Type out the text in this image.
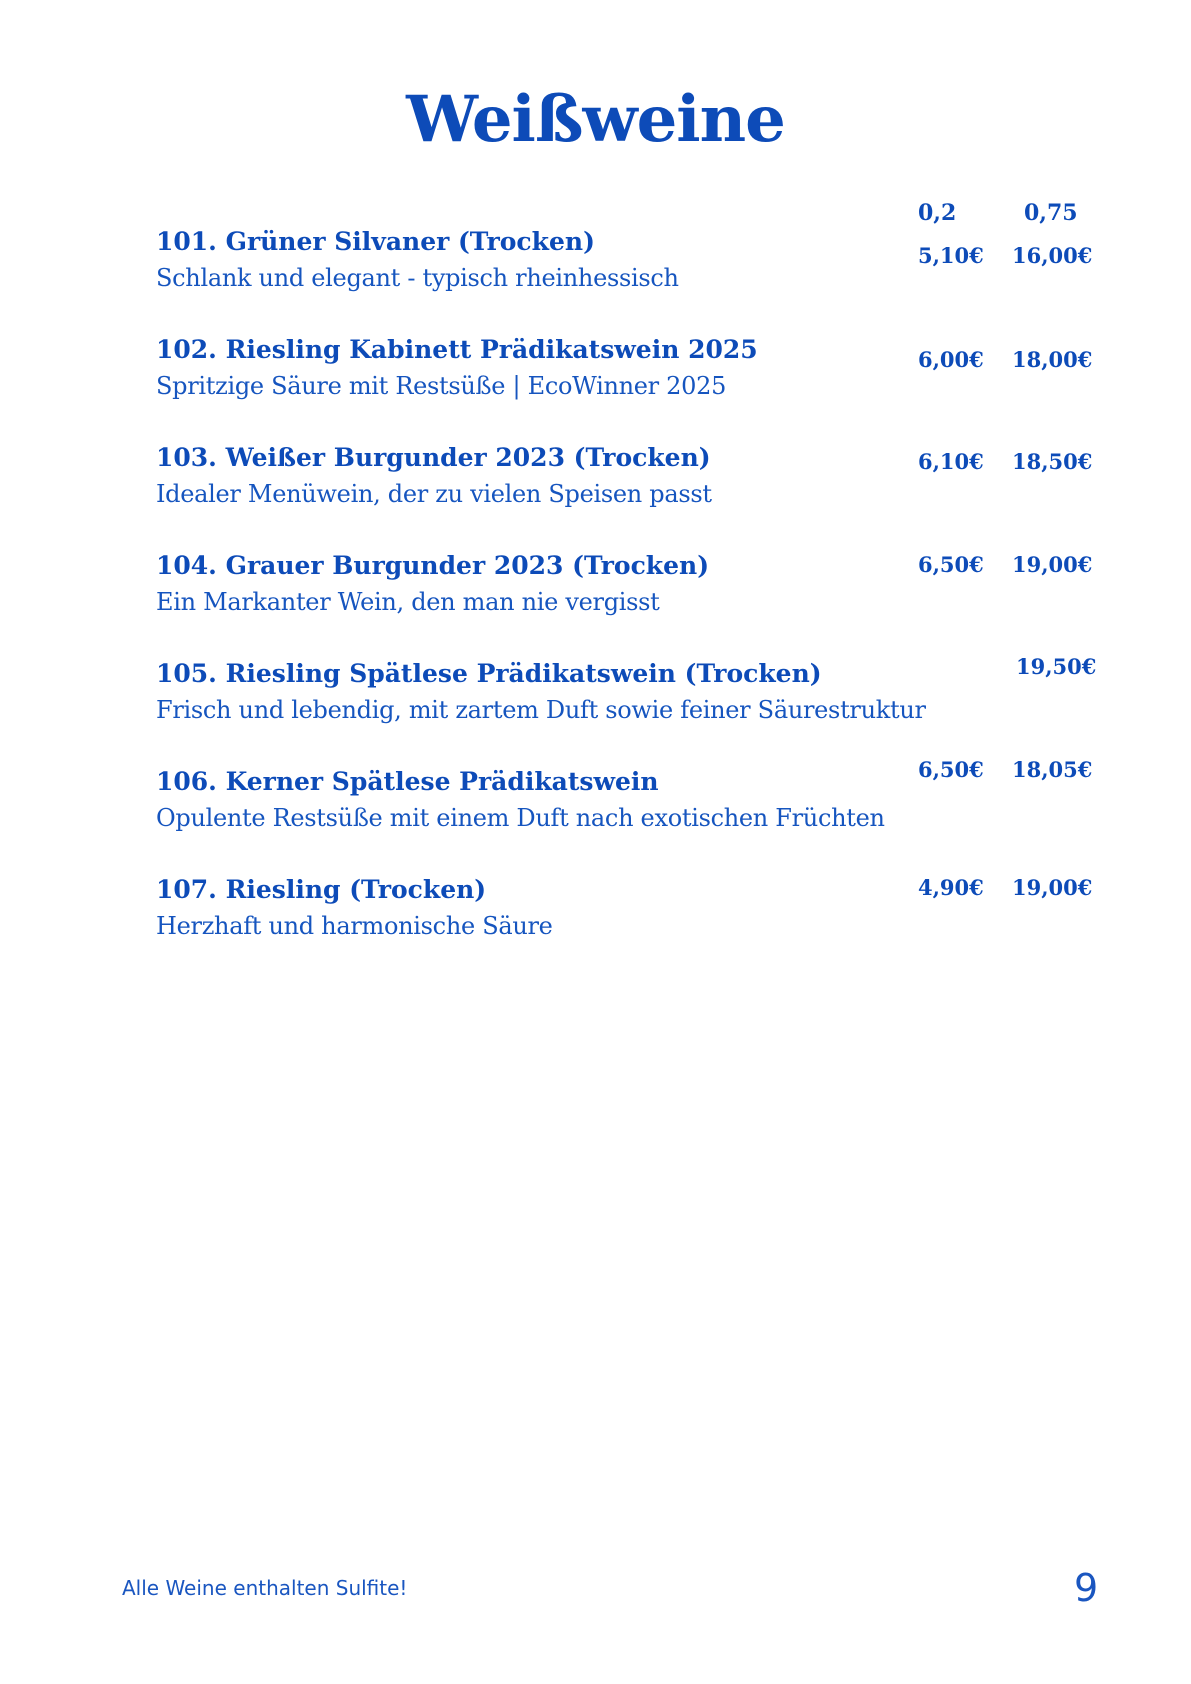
Weißweine
0,2	0,75
101. Grüner Silvaner (Trocken)
Schlank und elegant - typisch rheinhessisch
5,10€ 16,00€
102. Riesling Kabinett Prädikatswein 2025
Spritzige Säure mit Restsüße | EcoWinner 2025
6,00€ 18,00€
103. Weißer Burgunder 2023 (Trocken)
Idealer Menüwein, der zu vielen Speisen passt
6,10€ 18,50€
104. Grauer Burgunder 2023 (Trocken)
Ein Markanter Wein, den man nie vergisst
6,50€ 19,00€
105. Riesling Spätlese Prädikatswein (Trocken)
Frisch und lebendig, mit zartem Duft sowie feiner Säurestruktur
19,50€
106. Kerner Spätlese Prädikatswein
Opulente Restsüße mit einem Duft nach exotischen Früchten
6,50€ 18,05€
107. Riesling (Trocken)
Herzhaft und harmonische Säure
4,90€ 19,00€
Alle Weine enthalten Sulfite!	9
